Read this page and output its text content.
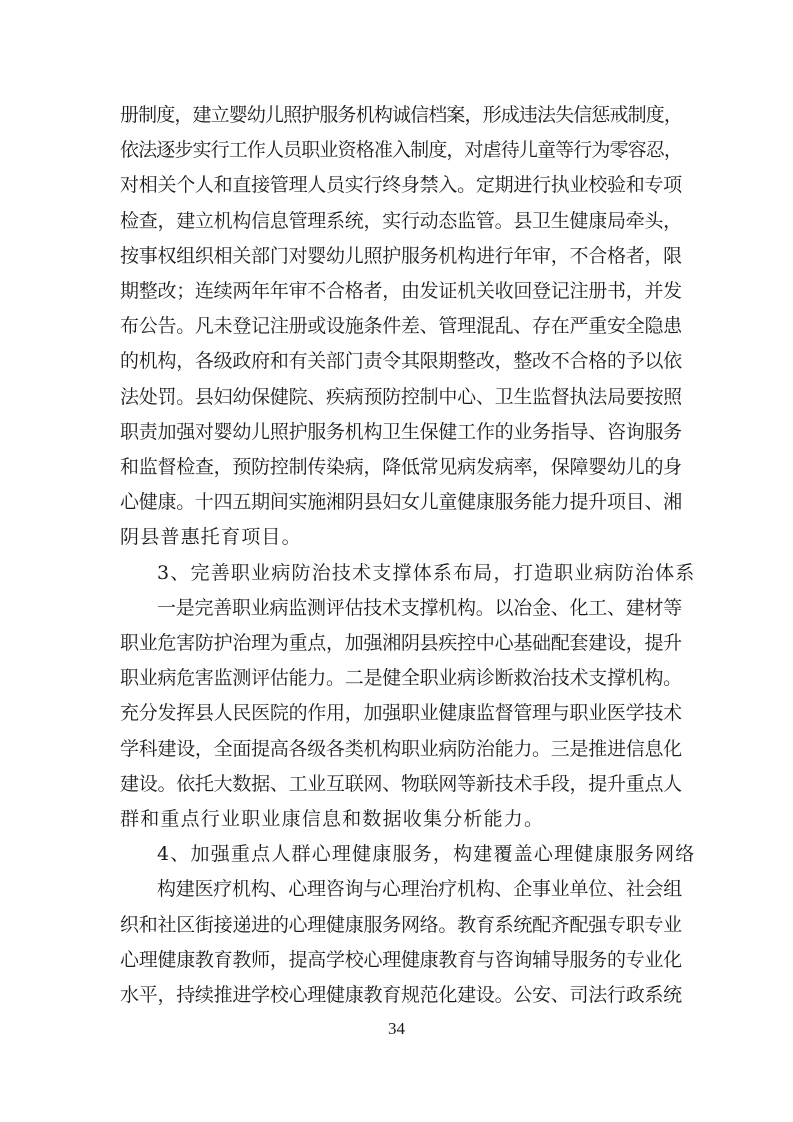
册制度，建立婴幼儿照护服务机构诚信档案，形成违法失信惩戒制度，
依法逐步实行工作人员职业资格准入制度，对虐待儿童等行为零容忍，
对相关个人和直接管理人员实行终身禁入。定期进行执业校验和专项
检查，建立机构信息管理系统，实行动态监管。县卫生健康局牵头，
按事权组织相关部门对婴幼儿照护服务机构进行年审，不合格者，限
期整改；连续两年年审不合格者，由发证机关收回登记注册书，并发
布公告。凡未登记注册或设施条件差、管理混乱、存在严重安全隐患
的机构，各级政府和有关部门责令其限期整改，整改不合格的予以依
法处罚。县妇幼保健院、疾病预防控制中心、卫生监督执法局要按照
职责加强对婴幼儿照护服务机构卫生保健工作的业务指导、咨询服务
和监督检查，预防控制传染病，降低常见病发病率，保障婴幼儿的身
心健康。十四五期间实施湘阴县妇女儿童健康服务能力提升项目、湘
阴县普惠托育项目。
3、完善职业病防治技术支撑体系布局，打造职业病防治体系
一是完善职业病监测评估技术支撑机构。以冶金、化工、建材等
职业危害防护治理为重点，加强湘阴县疾控中心基础配套建设，提升
职业病危害监测评估能力。二是健全职业病诊断救治技术支撑机构。
充分发挥县人民医院的作用，加强职业健康监督管理与职业医学技术
学科建设，全面提高各级各类机构职业病防治能力。三是推进信息化
建设。依托大数据、工业互联网、物联网等新技术手段，提升重点人
群和重点行业职业康信息和数据收集分析能力。
4、加强重点人群心理健康服务，构建覆盖心理健康服务网络
构建医疗机构、心理咨询与心理治疗机构、企事业单位、社会组
织和社区街接递进的心理健康服务网络。教育系统配齐配强专职专业
心理健康教育教师，提高学校心理健康教育与咨询辅导服务的专业化
水平，持续推进学校心理健康教育规范化建设。公安、司法行政系统
34
